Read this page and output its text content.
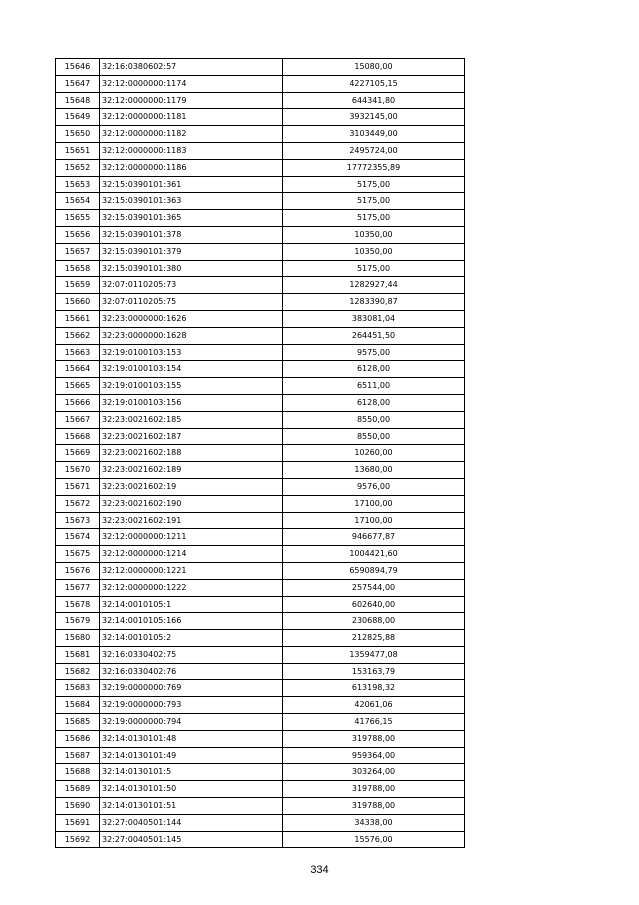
15646	32:16:0380602:57	15080,00
15647	32:12:0000000:1174	4227105,15
15648	32:12:0000000:1179	644341,80
15649	32:12:0000000:1181	3932145,00
15650	32:12:0000000:1182	3103449,00
15651	32:12:0000000:1183	2495724,00
15652	32:12:0000000:1186	17772355,89
15653	32:15:0390101:361	5175,00
15654	32:15:0390101:363	5175,00
15655	32:15:0390101:365	5175,00
15656	32:15:0390101:378	10350,00
15657	32:15:0390101:379	10350,00
15658	32:15:0390101:380	5175,00
15659	32:07:0110205:73	1282927,44
15660	32:07:0110205:75	1283390,87
15661	32:23:0000000:1626	383081,04
15662	32:23:0000000:1628	264451,50
15663	32:19:0100103:153	9575,00
15664	32:19:0100103:154	6128,00
15665	32:19:0100103:155	6511,00
15666	32:19:0100103:156	6128,00
15667	32:23:0021602:185	8550,00
15668	32:23:0021602:187	8550,00
15669	32:23:0021602:188	10260,00
15670	32:23:0021602:189	13680,00
15671	32:23:0021602:19	9576,00
15672	32:23:0021602:190	17100,00
15673	32:23:0021602:191	17100,00
15674	32:12:0000000:1211	946677,87
15675	32:12:0000000:1214	1004421,60
15676	32:12:0000000:1221	6590894,79
15677	32:12:0000000:1222	257544,00
15678	32:14:0010105:1	602640,00
15679	32:14:0010105:166	230688,00
15680	32:14:0010105:2	212825,88
15681	32:16:0330402:75	1359477,08
15682	32:16:0330402:76	153163,79
15683	32:19:0000000:769	613198,32
15684	32:19:0000000:793	42061,06
15685	32:19:0000000:794	41766,15
15686	32:14:0130101:48	319788,00
15687	32:14:0130101:49	959364,00
15688	32:14:0130101:5	303264,00
15689	32:14:0130101:50	319788,00
15690	32:14:0130101:51	319788,00
15691	32:27:0040501:144	34338,00
15692	32:27:0040501:145	15576,00
334
